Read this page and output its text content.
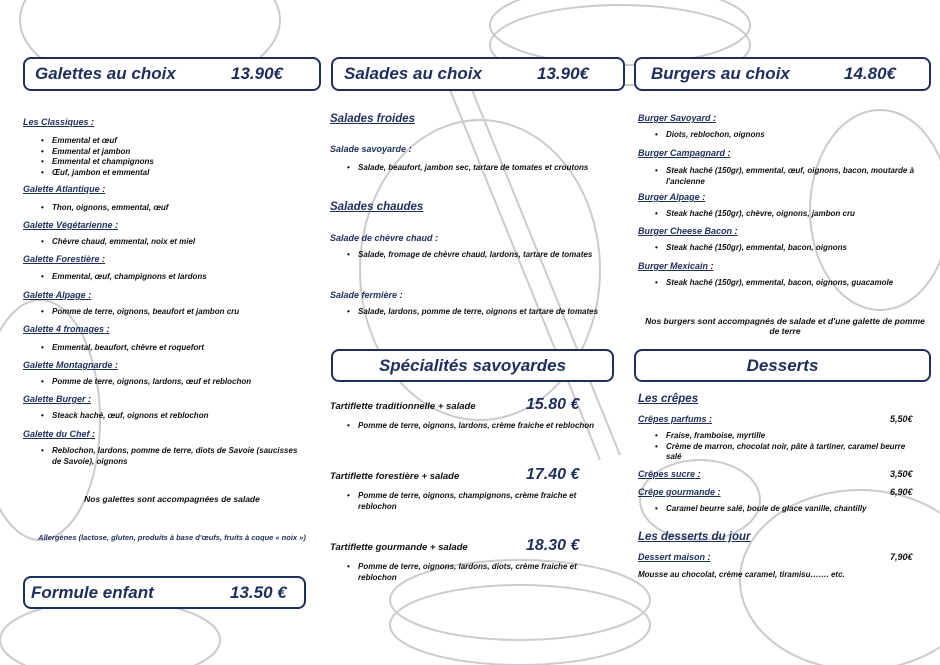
Galettes au choix	13.90€
Les Classiques :
• Emmental et œuf
• Emmental et jambon
• Emmental et champignons
• Œuf, jambon et emmental
Galette Atlantique :
• Thon, oignons, emmental, œuf
Galette Végétarienne :
• Chèvre chaud, emmental, noix et miel
Galette Forestière :
• Emmental, œuf, champignons et lardons
Galette Alpage :
• Pomme de terre, oignons, beaufort et jambon cru
Galette 4 fromages :
• Emmental, beaufort, chèvre et roquefort
Galette Montagnarde :
• Pomme de terre, oignons, lardons, œuf et reblochon
Galette Burger :
• Steack haché, œuf, oignons et reblochon
Galette du Chef :
• Reblochon, lardons, pomme de terre, diots de Savoie (saucisses de Savoie), oignons
Nos galettes sont accompagnées de salade
Allergènes (lactose, gluten, produits à base d'œufs, fruits à coque « noix »)
Formule enfant	13.50 €
Salades au choix	13.90€
Salades froides
Salade savoyarde :
• Salade, beaufort, jambon sec, tartare de tomates et croutons
Salades chaudes
Salade de chèvre chaud :
• Salade, fromage de chèvre chaud, lardons, tartare de tomates
Salade fermière :
• Salade, lardons, pomme de terre, oignons et tartare de tomates
Spécialités savoyardes
Tartiflette traditionnelle + salade	15.80 €
• Pomme de terre, oignons, lardons, crème fraiche et reblochon
Tartiflette forestière + salade	17.40 €
• Pomme de terre, oignons, champignons, crème fraiche et reblochon
Tartiflette gourmande + salade	18.30 €
• Pomme de terre, oignons, lardons, diots, crème fraiche et reblochon
Burgers au choix	14.80€
Burger Savoyard :
• Diots, reblochon, oignons
Burger Campagnard :
• Steak haché (150gr), emmental, œuf, oignons, bacon, moutarde à l'ancienne
Burger Alpage :
• Steak haché (150gr), chèvre, oignons, jambon cru
Burger Cheese Bacon :
• Steak haché (150gr), emmental, bacon, oignons
Burger Mexicain :
• Steak haché (150gr), emmental, bacon, oignons, guacamole
Nos burgers sont accompagnés de salade et d'une galette de pomme de terre
Desserts
Les crêpes
Crêpes parfums :	5,50€
• Fraise, framboise, myrtille
• Crème de marron, chocolat noir, pâte à tartiner, caramel beurre salé
Crêpes sucre :	3,50€
Crêpe gourmande :	6,90€
• Caramel beurre salé, boule de glace vanille, chantilly
Les desserts du jour
Dessert maison :	7,90€
Mousse au chocolat, crème caramel, tiramisu……. etc.
